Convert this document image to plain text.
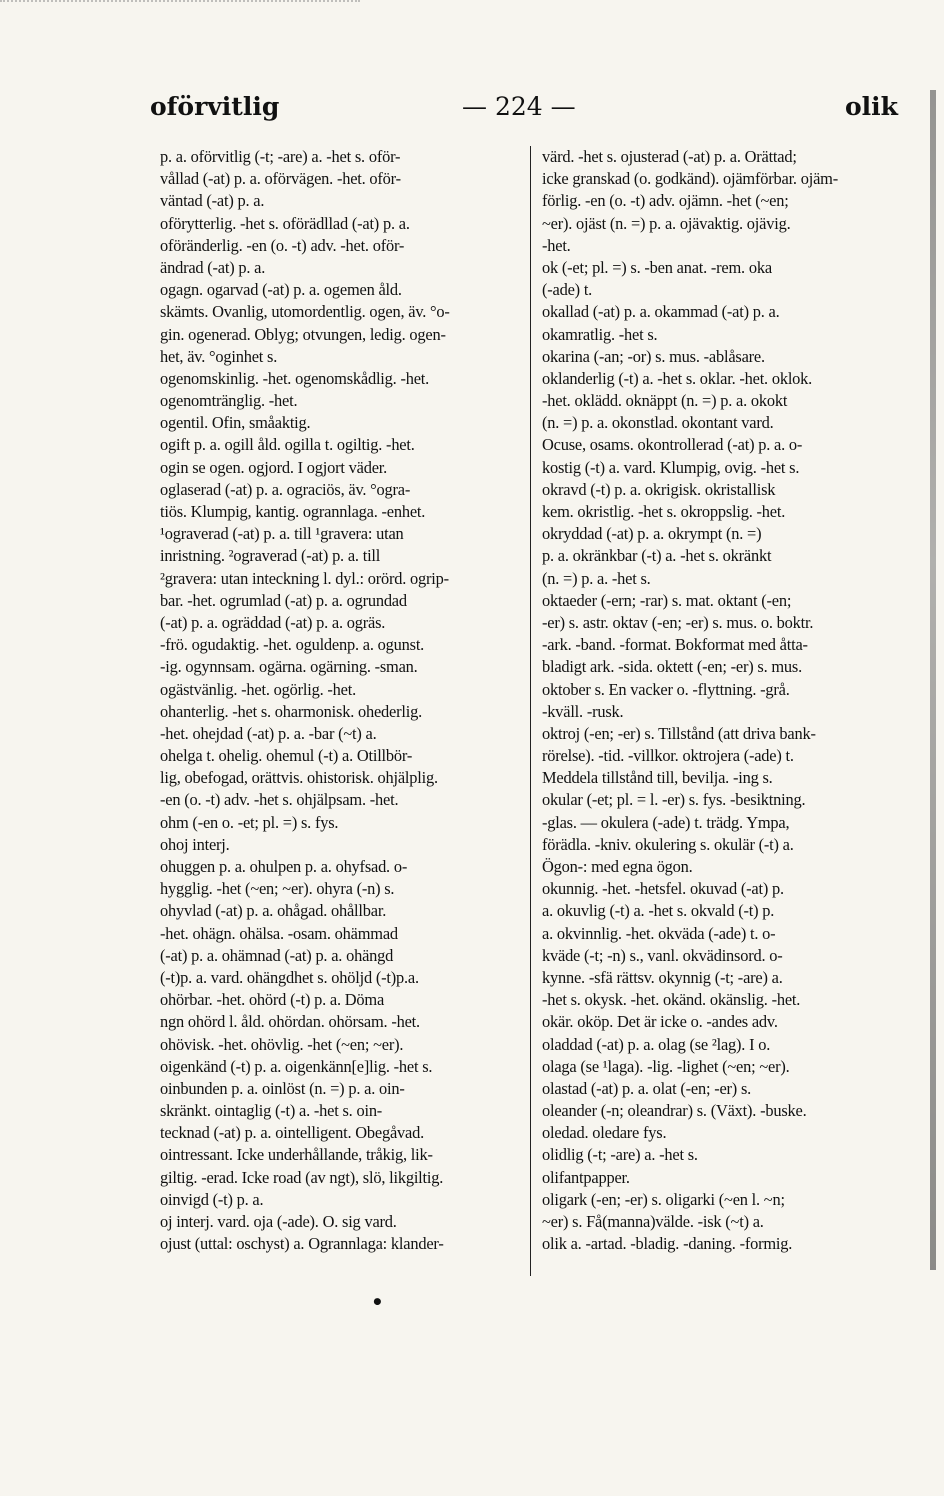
oförvitlig	— 224 —	olik
p. a. oförvitlig (-t; -are) a. -het s. oför-
vållad (-at) p. a. oförvägen. -het. oför-
väntad (-at) p. a.
oförytterlig. -het s. oförädllad (-at) p. a.
oföränderlig. -en (o. -t) adv. -het. oför-
ändrad (-at) p. a.
ogagn. ogarvad (-at) p. a. ogemen åld.
skämts. Ovanlig, utomordentlig. ogen, äv. °o-
gin. ogenerad. Oblyg; otvungen, ledig. ogen-
het, äv. °oginhet s.
ogenomskinlig. -het. ogenomskådlig. -het.
ogenomtränglig. -het.
ogentil. Ofin, småaktig.
ogift p. a. ogill åld. ogilla t. ogiltig. -het.
ogin se ogen. ogjord. I ogjort väder.
oglaserad (-at) p. a. ograciös, äv. °ogra-
tiös. Klumpig, kantig. ogrannlaga. -enhet.
¹ograverad (-at) p. a. till ¹gravera: utan
inristning. ²ograverad (-at) p. a. till
²gravera: utan inteckning l. dyl.: orörd. ogrip-
bar. -het. ogrumlad (-at) p. a. ogrundad
(-at) p. a. ogräddad (-at) p. a. ogräs.
-frö. ogudaktig. -het. oguldenp. a. ogunst.
-ig. ogynnsam. ogärna. ogärning. -sman.
ogästvänlig. -het. ogörlig. -het.
ohanterlig. -het s. oharmonisk. ohederlig.
-het. ohejdad (-at) p. a. -bar (~t) a.
ohelga t. ohelig. ohemul (-t) a. Otillbör-
lig, obefogad, orättvis. ohistorisk. ohjälplig.
-en (o. -t) adv. -het s. ohjälpsam. -het.
ohm (-en o. -et; pl. =) s. fys.
ohoj interj.
ohuggen p. a. ohulpen p. a. ohyfsad. o-
hygglig. -het (~en; ~er). ohyra (-n) s.
ohyvlad (-at) p. a. ohågad. ohållbar.
-het. ohägn. ohälsa. -osam. ohämmad
(-at) p. a. ohämnad (-at) p. a. ohängd
(-t)p. a. vard. ohängdhet s. ohöljd (-t)p.a.
ohörbar. -het. ohörd (-t) p. a. Döma
ngn ohörd l. åld. ohördan. ohörsam. -het.
ohövisk. -het. ohövlig. -het (~en; ~er).
oigenkänd (-t) p. a. oigenkänn[e]lig. -het s.
oinbunden p. a. oinlöst (n. =) p. a. oin-
skränkt. ointaglig (-t) a. -het s. oin-
tecknad (-at) p. a. ointelligent. Obegåvad.
ointressant. Icke underhållande, tråkig, lik-
giltig. -erad. Icke road (av ngt), slö, likgiltig.
oinvigd (-t) p. a.
oj interj. vard. oja (-ade). O. sig vard.
ojust (uttal: oschyst) a. Ogrannlaga: klander-
värd. -het s. ojusterad (-at) p. a. Orättad;
icke granskad (o. godkänd). ojämförbar. ojäm-
förlig. -en (o. -t) adv. ojämn. -het (~en;
~er). ojäst (n. =) p. a. ojävaktig. ojävig.
-het.
ok (-et; pl. =) s. -ben anat. -rem. oka
(-ade) t.
okallad (-at) p. a. okammad (-at) p. a.
okamratlig. -het s.
okarina (-an; -or) s. mus. -ablåsare.
oklanderlig (-t) a. -het s. oklar. -het. oklok.
-het. oklädd. oknäppt (n. =) p. a. okokt
(n. =) p. a. okonstlad. okontant vard.
Ocuse, osams. okontrollerad (-at) p. a. o-
kostig (-t) a. vard. Klumpig, ovig. -het s.
okravd (-t) p. a. okrigisk. okristallisk
kem. okristlig. -het s. okroppslig. -het.
okryddad (-at) p. a. okrympt (n. =)
p. a. okränkbar (-t) a. -het s. okränkt
(n. =) p. a. -het s.
oktaeder (-ern; -rar) s. mat. oktant (-en;
-er) s. astr. oktav (-en; -er) s. mus. o. boktr.
-ark. -band. -format. Bokformat med åtta-
bladigt ark. -sida. oktett (-en; -er) s. mus.
oktober s. En vacker o. -flyttning. -grå.
-kväll. -rusk.
oktroj (-en; -er) s. Tillstånd (att driva bank-
rörelse). -tid. -villkor. oktrojera (-ade) t.
Meddela tillstånd till, bevilja. -ing s.
okular (-et; pl. = l. -er) s. fys. -besiktning.
-glas. — okulera (-ade) t. trädg. Ympa,
förädla. -kniv. okulering s. okulär (-t) a.
Ögon-: med egna ögon.
okunnig. -het. -hetsfel. okuvad (-at) p.
a. okuvlig (-t) a. -het s. okvald (-t) p.
a. okvinnlig. -het. okväda (-ade) t. o-
kväde (-t; -n) s., vanl. okvädinsord. o-
kynne. -sfä rättsv. okynnig (-t; -are) a.
-het s. okysk. -het. okänd. okänslig. -het.
okär. oköp. Det är icke o. -andes adv.
oladdad (-at) p. a. olag (se ²lag). I o.
olaga (se ¹laga). -lig. -lighet (~en; ~er).
olastad (-at) p. a. olat (-en; -er) s.
oleander (-n; oleandrar) s. (Växt). -buske.
oledad. oledare fys.
olidlig (-t; -are) a. -het s.
olifantpapper.
oligark (-en; -er) s. oligarki (~en l. ~n;
~er) s. Få(manna)välde. -isk (~t) a.
olik a. -artad. -bladig. -daning. -formig.
•
